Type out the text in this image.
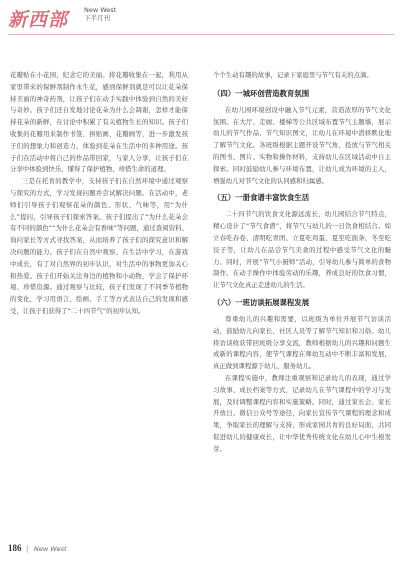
新西部 New West
下半月刊

花瓣贴在小花园，纪念它的美丽。将花瓣收集在一起，利用从家里带来的保鲜剂制作永生花，感到保鲜剂就是可以让花朵保持美丽的神奇药剂，让孩子们在动手实践中体验到自然的美好与奇妙。孩子们还自发地讨论花朵为什么会凋谢，怎样才能保持花朵的新鲜，在讨论中积累了有关植物生长的知识。孩子们收集的花瓣用来制作书签、拼贴画、花瓣画等，进一步激发孩子们的想象力和创造力，体验到花朵在生活中的多种用途。孩子们在活动中将自己的作品带回家，与家人分享，让孩子们在分享中体验到快乐，懂得了保护植物、珍惜生命的道理。

三是在托育的教学中，支持孩子们在自然环境中通过观察与探究的方式，学习发现问题并尝试解决问题。在活动中，老师们引导孩子们观察花朵的颜色、形状、气味等，用“为什么”提问，引导孩子们探索答案。孩子们提出了“为什么花朵会有不同的颜色”“为什么花朵会有香味”等问题，通过查阅资料、询问家长等方式寻找答案，从而培养了孩子们的探究意识和解决问题的能力。孩子们在自然中观察、在生活中学习，在游戏中成长，有了对自然界的初步认识，对生活中的事物更加关心和热爱。孩子们开始关注身边的植物和小动物，学会了保护环境、珍惜资源。通过观察与比较，孩子们发现了不同季节植物的变化，学习用语言、绘画、手工等方式表达自己的发现和感受，让孩子们获得了“二十四节气”的初步认知。

个个生动有趣的故事，记录下家庭里与节气有关的点滴。

（四）一城环创营造教育氛围

在幼儿园环境创设中融入节气元素，营造浓厚的节气文化氛围。在大厅、走廊、楼梯等公共区域布置节气主题墙，展示幼儿的节气作品、节气知识图文，让幼儿在环境中潜移默化地了解节气文化。各班级根据主题开设节气角，投放与节气相关的图书、图片、实物和操作材料，支持幼儿在区域活动中自主探索。同时鼓励幼儿参与环境布置，让幼儿成为环境的主人，增强幼儿对节气文化的认同感和归属感。

（五）一册食谱丰富饮食生活

二十四节气的饮食文化源远流长，幼儿园结合节气特点，精心设计了“节气食谱”，将节气与幼儿的一日饮食相结合。如立春吃春卷、清明吃青团、立夏吃鸡蛋、夏至吃面条、冬至吃饺子等，让幼儿在品尝节气美食的过程中感受节气文化的魅力。同时，开展“节气小厨师”活动，引导幼儿参与简单的食物制作，在动手操作中体验劳动的乐趣，养成良好的饮食习惯，让节气文化真正走进幼儿的生活。

（六）一班访谈拓展课程发展

尊重幼儿的兴趣和需要，以班级为单位开展节气访谈活动，鼓励幼儿向家长、社区人员等了解节气知识和习俗。幼儿将访谈收获带回班级分享交流，教师根据幼儿的兴趣和问题生成新的课程内容，使节气课程在师幼互动中不断丰富和发展，真正做到课程源于幼儿、服务幼儿。

在课程实施中，教师注重观察和记录幼儿的表现，通过学习故事、成长档案等方式，记录幼儿在节气课程中的学习与发展，及时调整课程内容和实施策略。同时，通过家长会、家长开放日、微信公众号等途径，向家长宣传节气课程的理念和成果，争取家长的理解与支持，形成家园共育的良好局面，共同促进幼儿的健康成长，让中华优秀传统文化在幼儿心中生根发芽。

186 | New West
